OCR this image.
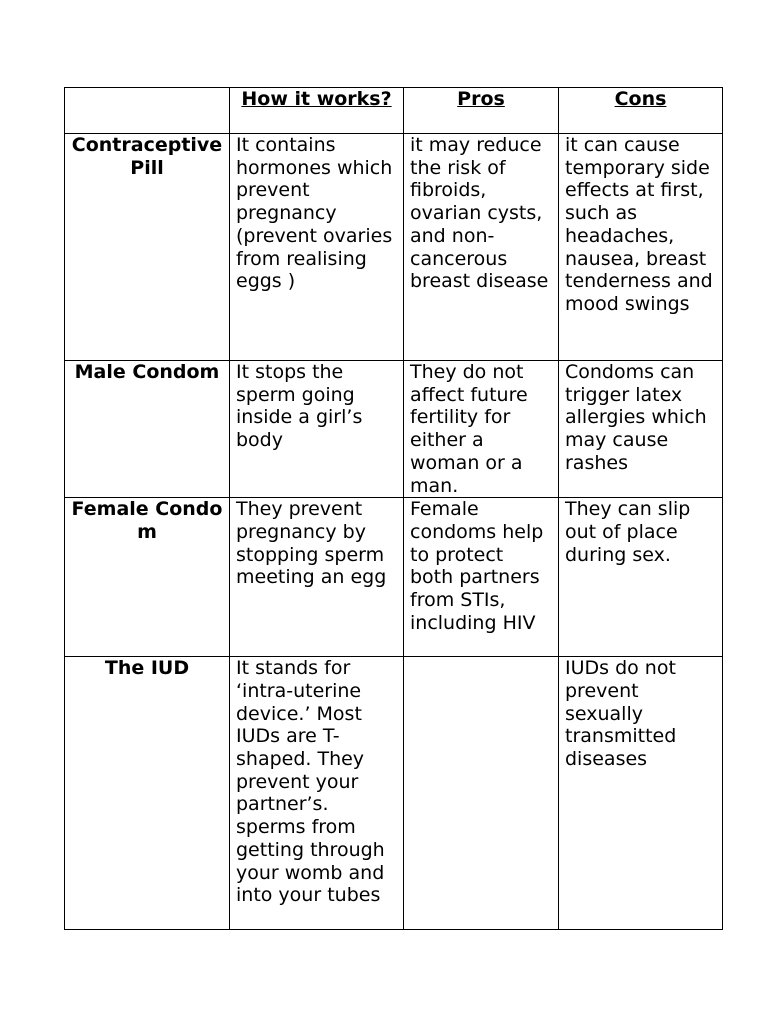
	How it works?	Pros	Cons
Contraceptive Pill	It contains hormones which prevent pregnancy (prevent ovaries from realising eggs )	it may reduce the risk of fibroids, ovarian cysts, and non-cancerous breast disease	it can cause temporary side effects at first, such as headaches, nausea, breast tenderness and mood swings
Male Condom	It stops the sperm going inside a girl’s body	They do not affect future fertility for either a woman or a man.	Condoms can trigger latex allergies which may cause rashes
Female Condom	They prevent pregnancy by stopping sperm meeting an egg	Female condoms help to protect both partners from STIs, including HIV	They can slip out of place during sex.
The IUD	It stands for ‘intra-uterine device.’ Most IUDs are T-shaped. They prevent your partner’s. sperms from getting through your womb and into your tubes		IUDs do not prevent sexually transmitted diseases
